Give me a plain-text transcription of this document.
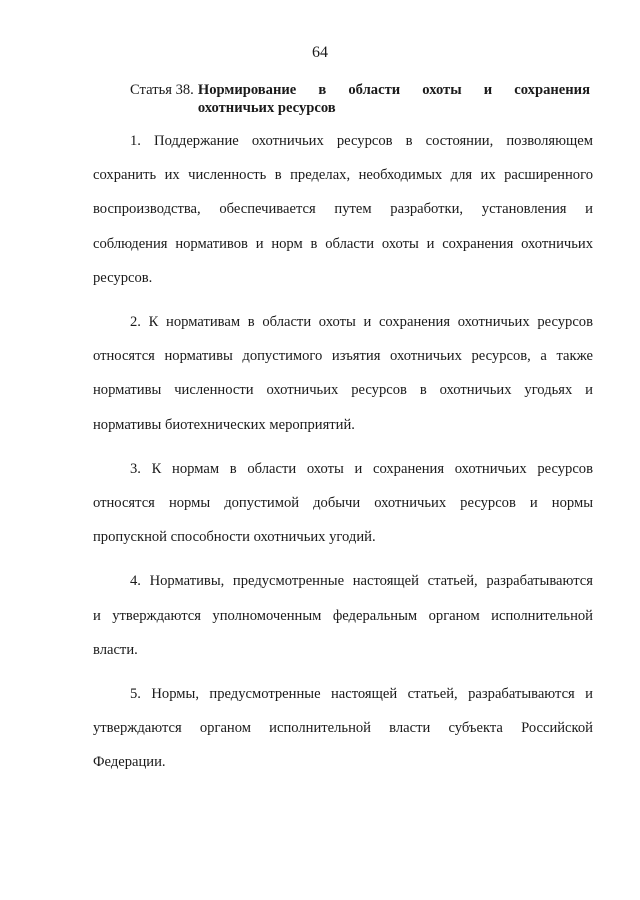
64
Статья 38. Нормирование в области охоты и сохранения
охотничьих ресурсов
1. Поддержание охотничьих ресурсов в состоянии, позволяющем
сохранить их численность в пределах, необходимых для их расширенного
воспроизводства, обеспечивается путем разработки, установления и
соблюдения нормативов и норм в области охоты и сохранения охотничьих
ресурсов.
2. К нормативам в области охоты и сохранения охотничьих ресурсов
относятся нормативы допустимого изъятия охотничьих ресурсов, а также
нормативы численности охотничьих ресурсов в охотничьих угодьях и
нормативы биотехнических мероприятий.
3. К нормам в области охоты и сохранения охотничьих ресурсов
относятся нормы допустимой добычи охотничьих ресурсов и нормы
пропускной способности охотничьих угодий.
4. Нормативы, предусмотренные настоящей статьей, разрабатываются
и утверждаются уполномоченным федеральным органом исполнительной
власти.
5. Нормы, предусмотренные настоящей статьей, разрабатываются и
утверждаются органом исполнительной власти субъекта Российской
Федерации.
